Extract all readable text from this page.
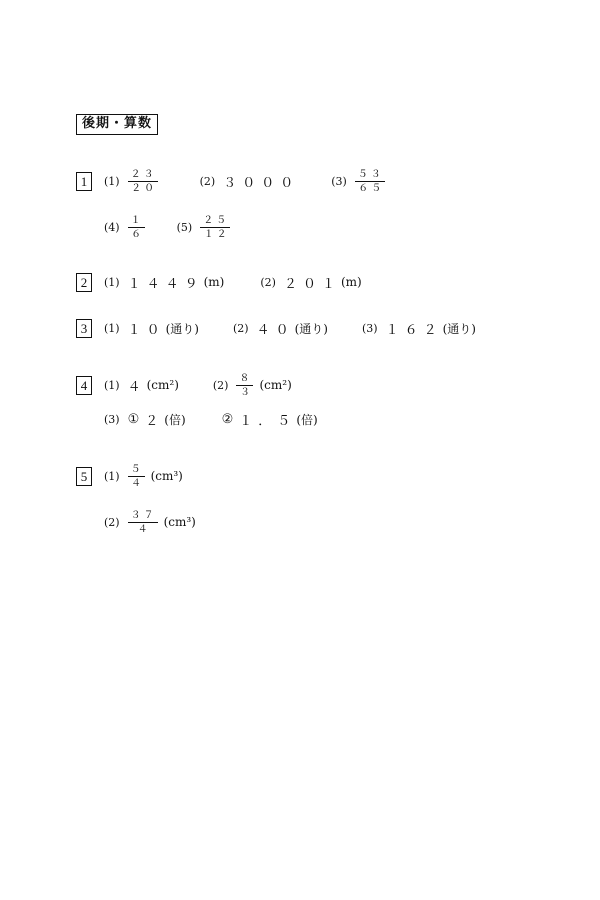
後期・算数
1	$(1) \frac{23}{20}$	(2) ３０００	$(3) \frac{53}{65}$
$(4) \frac{1}{6}$	$(5) \frac{25}{12}$
2	(1) １４４９ (m)	(2) ２０１ (m)
3	(1) １０ (通り)	(2) ４０ (通り)	(3) １６２ (通り)
4	(1) ４ (cm²)	$(2) \frac{8}{3} (cm^2)$
(3) ① ２ (倍)	② １．５ (倍)
5	$(1) \frac{5}{4} (cm^3)$
$(2) \frac{37}{4} (cm^3)$
